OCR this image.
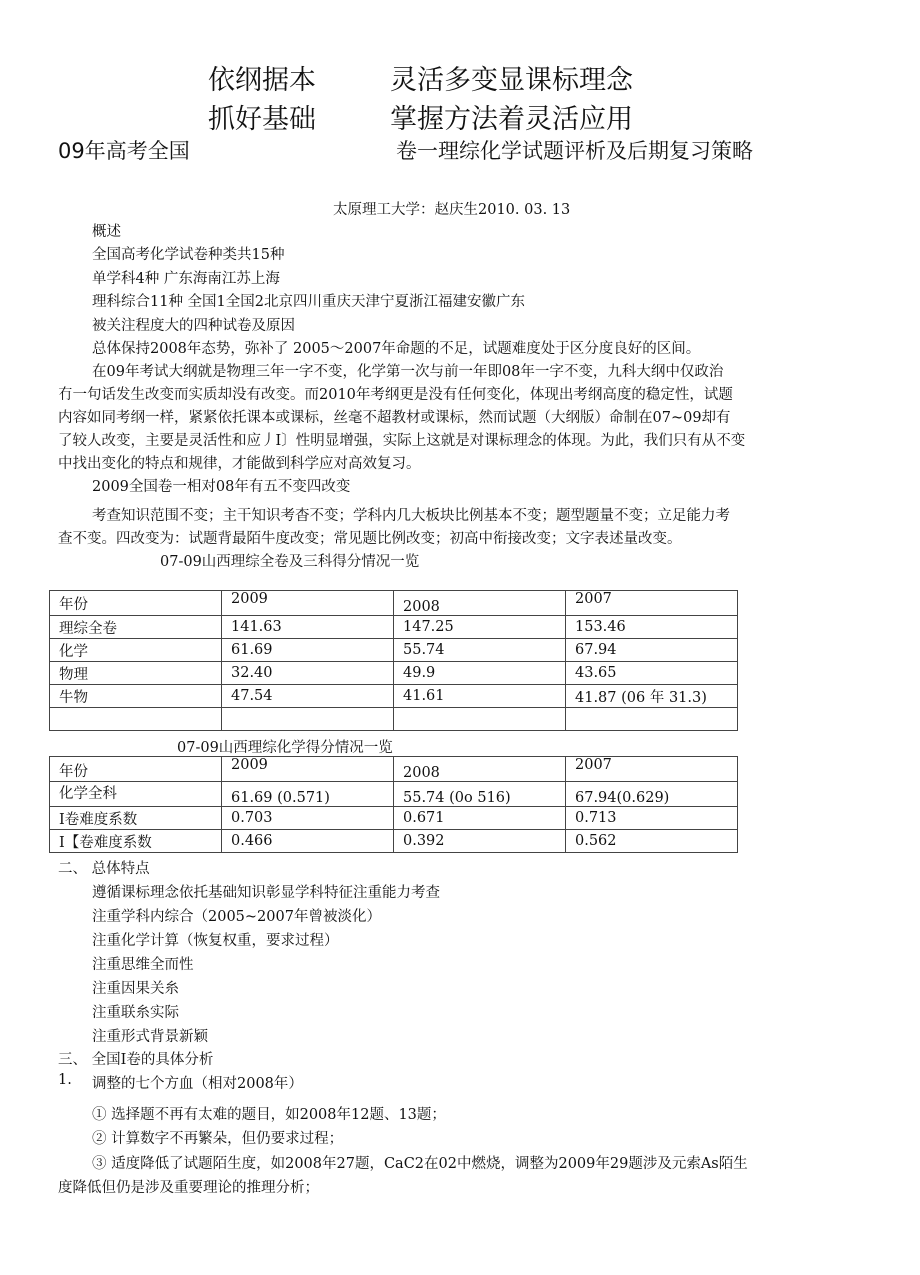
依纲据本	灵活多变显课标理念
抓好基础	掌握方法着灵活应用
09年高考全国	卷一理综化学试题评析及后期复习策略
太原理工大学：赵庆生2010. 03. 13
概述
全国高考化学试卷种类共15种
单学科4种 广东海南江苏上海
理科综合11种 全国1全国2北京四川重庆天津宁夏浙江福建安徽广东
被关注程度大的四种试卷及原因
总体保持2008年态势，弥补了 2005～2007年命题的不足，试题难度处于区分度良好的区间。
在09年考试大纲就是物理三年一字不变，化学第一次与前一年即08年一字不变，九科大纲中仅政治
冇一句话发生改变而实质却没有改变。而2010年考纲更是没有任何变化，体现出考纲高度的稳定性，试题
内容如同考纲一样，紧紧依托课本或课标，丝毫不超教材或课标，然而试题（大纲版）命制在07~09却有
了较人改变，主要是灵活性和应丿I〕性明显增强，实际上这就是对课标理念的体现。为此，我们只有从不变
中找出变化的特点和规律，才能做到科学应对高效复习。
2009全国卷一相对08年有五不变四改变
考查知识范围不变；主干知识考杳不变；学科内几大板块比例基本不变；题型题量不变；立足能力考
查不变。四改变为：试题背最陌牛度改变；常见题比例改变；初高中衔接改变；文字表述量改变。
07-09山西理综全卷及三科得分情况一览
年份	2009	2008	2007
理综全卷	141.63	147.25	153.46
化学	61.69	55.74	67.94
物理	32.40	49.9	43.65
牛物	47.54	41.61	41.87 (06 年 31.3)

07-09山西理综化学得分情况一览
年份	2009	2008	2007
化学全科	61.69 (0.571)	55.74 (0o 516)	67.94(0.629)
I卷难度系数	0.703	0.671	0.713
I【卷难度系数	0.466	0.392	0.562
二、 总体特点
遵循课标理念依托基础知识彰显学科特征注重能力考查
注重学科内综合（2005~2007年曾被淡化）
注重化学计算（恢复权重，要求过程）
注重思维全而性
注重因果关糸
注重联糸实际
注重形式背景新颖
三、 全国I卷的具体分析
1. 调整的七个方血（相对2008年）
① 选择题不再有太难的题目，如2008年12题、13题；
② 计算数字不再繁朵，但仍要求过程；
③ 适度降低了试题陌生度，如2008年27题，CaC2在02中燃烧，调整为2009年29题涉及元索As陌生
度降低但仍是涉及重要理论的推理分析；
